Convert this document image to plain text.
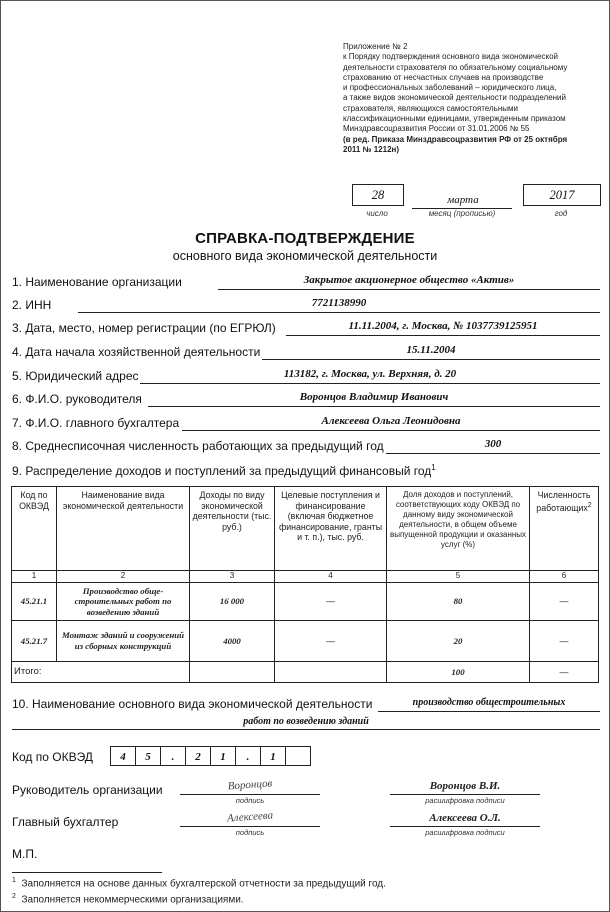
Приложение № 2
к Порядку подтверждения основного вида экономической
деятельности страхователя по обязательному социальному
страхованию от несчастных случаев на производстве
и профессиональных заболеваний – юридического лица,
а также видов экономической деятельности подразделений
страхователя, являющихся самостоятельными
классификационными единицами, утвержденным приказом
Минздравсоцразвития России от 31.01.2006 № 55
(в ред. Приказа Минздравсоцразвития РФ от 25 октября
2011 № 1212н)
28	марта	2017
число	месяц (прописью)	год
СПРАВКА-ПОДТВЕРЖДЕНИЕ
основного вида экономической деятельности
1. Наименование организации	Закрытое акционерное общество «Актив»
2. ИНН	7721138990
3. Дата, место, номер регистрации (по ЕГРЮЛ)	11.11.2004, г. Москва, № 1037739125951
4. Дата начала хозяйственной деятельности	15.11.2004
5. Юридический адрес	113182, г. Москва, ул. Верхняя, д. 20
6. Ф.И.О. руководителя	Воронцов Владимир Иванович
7. Ф.И.О. главного бухгалтера	Алексеева Ольга Леонидовна
8. Среднесписочная численность работающих за предыдущий год	300
9. Распределение доходов и поступлений за предыдущий финансовый год$^1$
Код по ОКВЭД	Наименование вида экономической деятельности	Доходы по виду экономической деятельности (тыс. руб.)	Целевые поступления и финансирование (включая бюджетное финансирование, гранты и т. п.), тыс. руб.	Доля доходов и поступлений, соответствующих коду ОКВЭД по данному виду экономической деятельности, в общем объеме выпущенной продукции и оказанных услуг (%)	Численность работающих$^2$
1	2	3	4	5	6
45.21.1	Производство обще-строительных работ по возведению зданий	16 000	—	80	—
45.21.7	Монтаж зданий и сооружений из сборных конструкций	4000	—	20	—
Итого:				100	—
10. Наименование основного вида экономической деятельности	производство общестроительных
работ по возведению зданий
Код по ОКВЭД	4	5	.	2	1	.	1
Руководитель организации	Воронцов
подпись
Воронцов В.И.
расшифровка подписи
Главный бухгалтер	Алексеева
подпись
Алексеева О.Л.
расшифровка подписи
М.П.
$^1$ Заполняется на основе данных бухгалтерской отчетности за предыдущий год.
$^2$ Заполняется некоммерческими организациями.
